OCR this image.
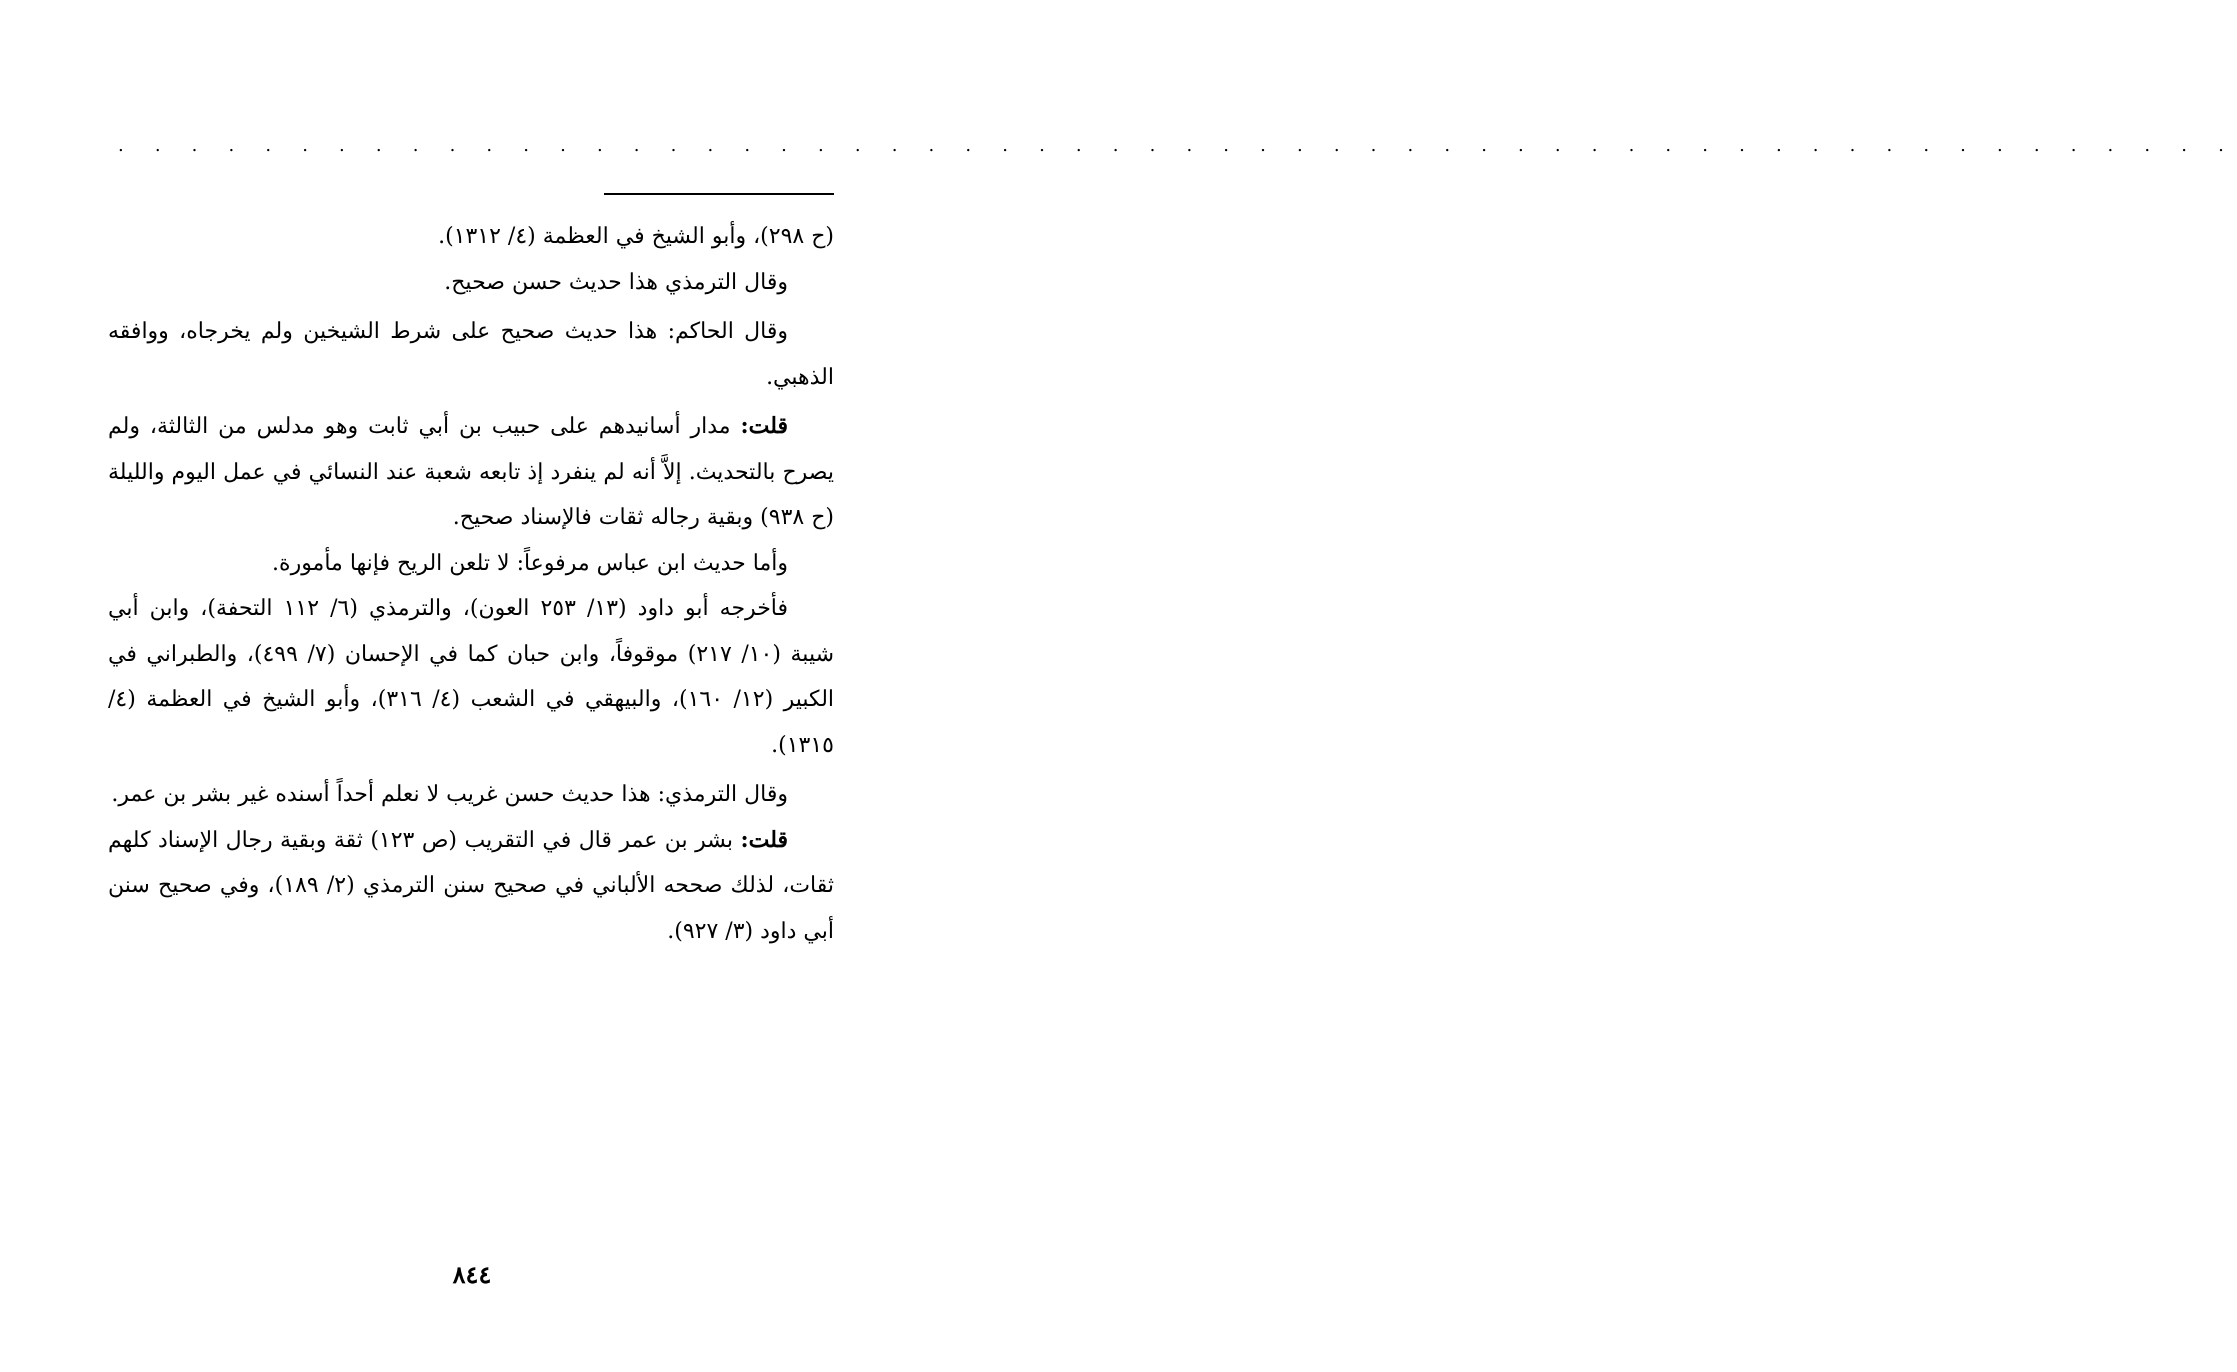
. . . . . . . . . . . . . . . . . . . . . . . . . . . . . . . . . . . . . . . . . . . . . . . . . . . . . . . . . .

(ح ٢٩٨)، وأبو الشيخ في العظمة (٤/ ١٣١٢).

وقال الترمذي هذا حديث حسن صحيح.

وقال الحاكم: هذا حديث صحيح على شرط الشيخين ولم يخرجاه، ووافقه الذهبي.

قلت: مدار أسانيدهم على حبيب بن أبي ثابت وهو مدلس من الثالثة، ولم يصرح بالتحديث. إلاَّ أنه لم ينفرد إذ تابعه شعبة عند النسائي في عمل اليوم والليلة (ح ٩٣٨) وبقية رجاله ثقات فالإسناد صحيح.

وأما حديث ابن عباس مرفوعاً: لا تلعن الريح فإنها مأمورة.

فأخرجه أبو داود (١٣/ ٢٥٣ العون)، والترمذي (٦/ ١١٢ التحفة)، وابن أبي شيبة (١٠/ ٢١٧) موقوفاً، وابن حبان كما في الإحسان (٧/ ٤٩٩)، والطبراني في الكبير (١٢/ ١٦٠)، والبيهقي في الشعب (٤/ ٣١٦)، وأبو الشيخ في العظمة (٤/ ١٣١٥).

وقال الترمذي: هذا حديث حسن غريب لا نعلم أحداً أسنده غير بشر بن عمر.

قلت: بشر بن عمر قال في التقريب (ص ١٢٣) ثقة وبقية رجال الإسناد كلهم ثقات، لذلك صححه الألباني في صحيح سنن الترمذي (٢/ ١٨٩)، وفي صحيح سنن أبي داود (٣/ ٩٢٧).

٨٤٤
